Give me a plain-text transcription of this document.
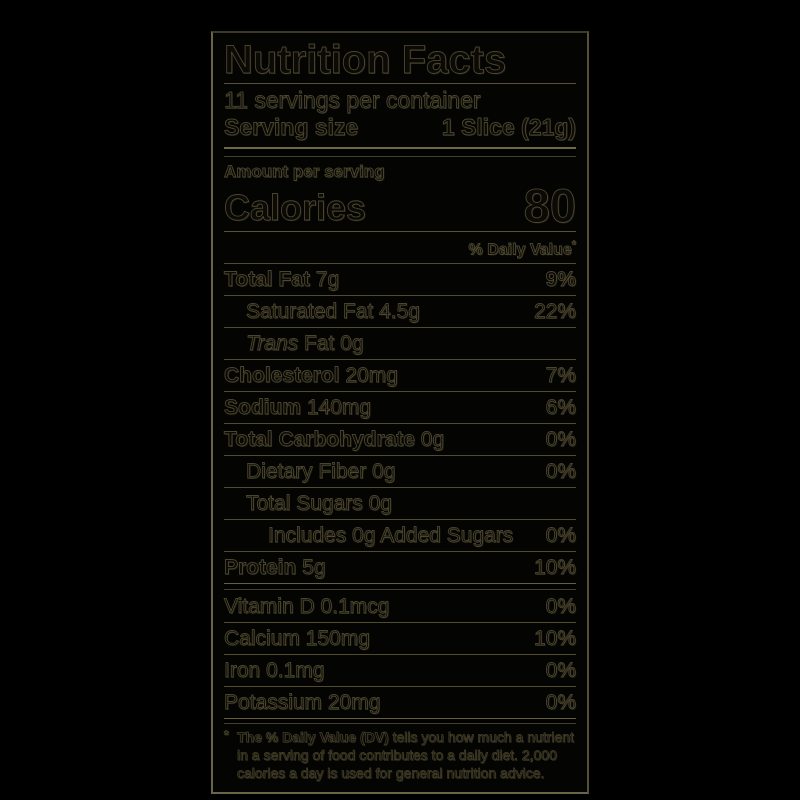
Nutrition Facts
11 servings per container
Serving size	1 Slice (21g)
Amount per serving
Calories	80
% Daily Value*
Total Fat 7g	9%
Saturated Fat 4.5g	22%
Trans Fat 0g
Cholesterol 20mg	7%
Sodium 140mg	6%
Total Carbohydrate 0g	0%
Dietary Fiber 0g	0%
Total Sugars 0g
Includes 0g Added Sugars 0%
Protein 5g	10%
Vitamin D 0.1mcg	0%
Calcium 150mg	10%
Iron 0.1mg	0%
Potassium 20mg	0%
* The % Daily Value (DV) tells you how much a nutrient in a serving of food contributes to a daily diet. 2,000 calories a day is used for general nutrition advice.
